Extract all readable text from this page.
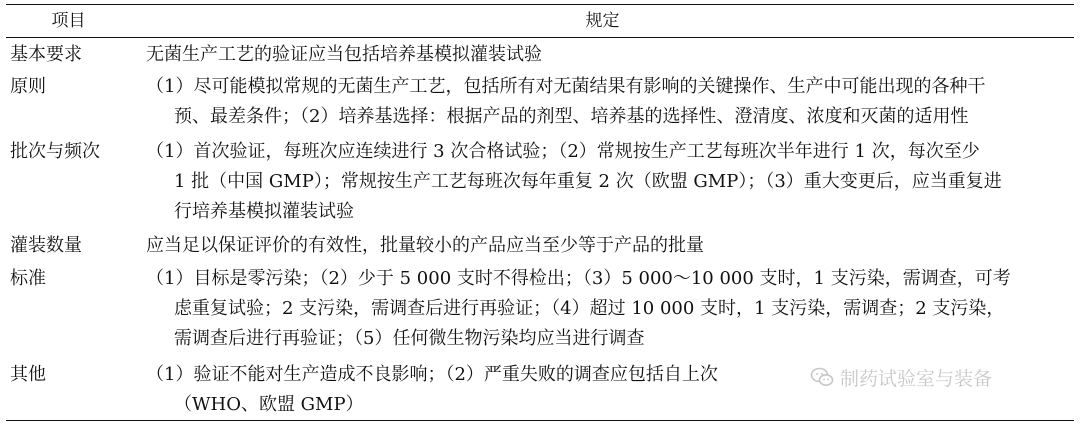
项目	规定
基本要求	无菌生产工艺的验证应当包括培养基模拟灌装试验
原则	（1）尽可能模拟常规的无菌生产工艺，包括所有对无菌结果有影响的关键操作、生产中可能出现的各种干
预、最差条件；（2）培养基选择：根据产品的剂型、培养基的选择性、澄清度、浓度和灭菌的适用性
批次与频次	（1）首次验证，每班次应连续进行 3 次合格试验；（2）常规按生产工艺每班次半年进行 1 次，每次至少
1 批（中国 GMP）；常规按生产工艺每班次每年重复 2 次（欧盟 GMP）；（3）重大变更后，应当重复进
行培养基模拟灌装试验
灌装数量	应当足以保证评价的有效性，批量较小的产品应当至少等于产品的批量
标准	（1）目标是零污染；（2）少于 5 000 支时不得检出；（3）5 000～10 000 支时，1 支污染，需调查，可考
虑重复试验；2 支污染，需调查后进行再验证；（4）超过 10 000 支时，1 支污染，需调查；2 支污染，
需调查后进行再验证；（5）任何微生物污染均应当进行调查
其他	（1）验证不能对生产造成不良影响；（2）严重失败的调查应包括自上次
（WHO、欧盟 GMP）
制药试验室与装备
